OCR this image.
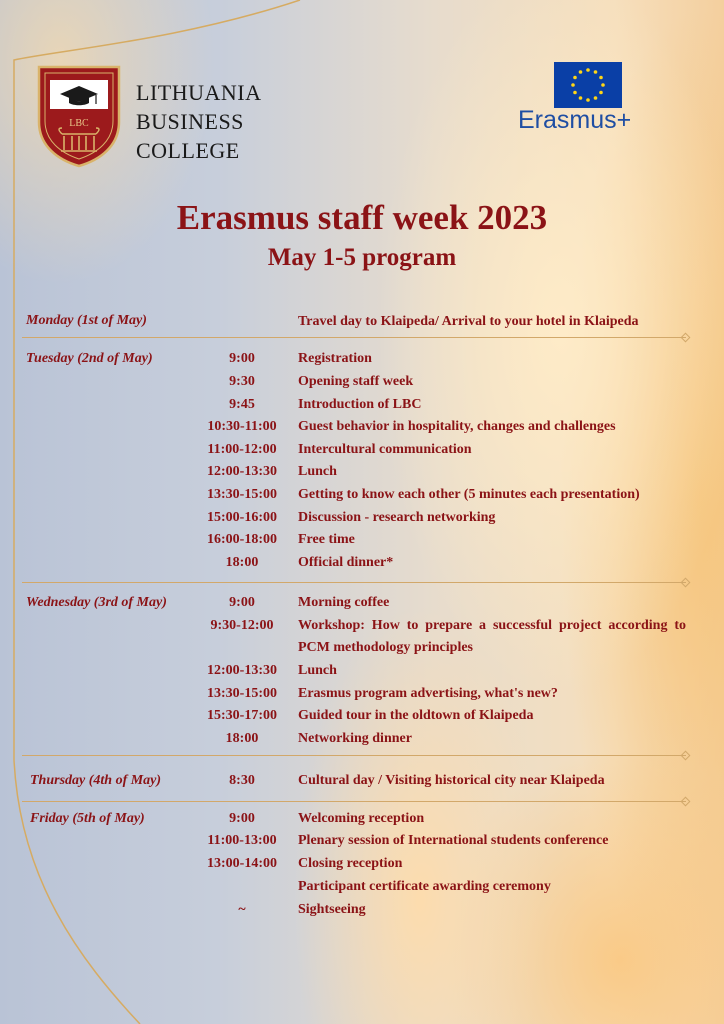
LBC
LITHUANIA
BUSINESS
COLLEGE
Erasmus+
Erasmus staff week 2023
May 1-5 program
Monday (1st of May)	Travel day to Klaipeda/ Arrival to your hotel in Klaipeda
Tuesday (2nd of May)	9:00	Registration
9:30	Opening staff week
9:45	Introduction of LBC
10:30-11:00	Guest behavior in hospitality, changes and challenges
11:00-12:00	Intercultural communication
12:00-13:30	Lunch
13:30-15:00	Getting to know each other (5 minutes each presentation)
15:00-16:00	Discussion - research networking
16:00-18:00	Free time
18:00	Official dinner*
Wednesday (3rd of May)	9:00	Morning coffee
9:30-12:00	Workshop: How to prepare a successful project according to PCM methodology principles
12:00-13:30	Lunch
13:30-15:00	Erasmus program advertising, what's new?
15:30-17:00	Guided tour in the oldtown of Klaipeda
18:00	Networking dinner
Thursday (4th of May)	8:30	Cultural day / Visiting historical city near Klaipeda
Friday (5th of May)	9:00	Welcoming reception
11:00-13:00	Plenary session of International students conference
13:00-14:00	Closing reception
Participant certificate awarding ceremony
~	Sightseeing
